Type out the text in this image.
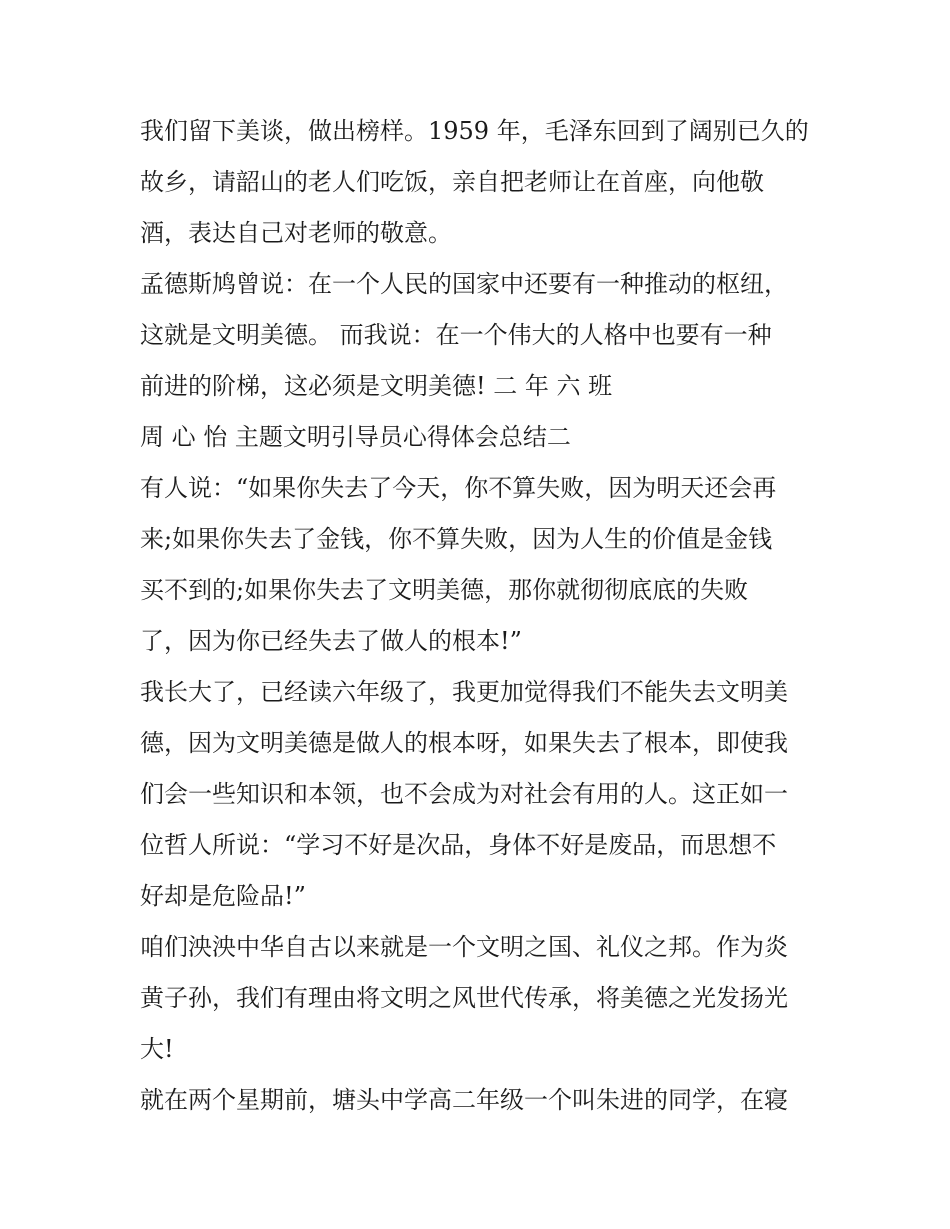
我们留下美谈，做出榜样。1959 年，毛泽东回到了阔别已久的
故乡，请韶山的老人们吃饭，亲自把老师让在首座，向他敬
酒，表达自己对老师的敬意。
孟德斯鸠曾说：在一个人民的国家中还要有一种推动的枢纽，
这就是文明美德。 而我说：在一个伟大的人格中也要有一种
前进的阶梯，这必须是文明美德! 二 年 六 班
周 心 怡 主题文明引导员心得体会总结二
有人说：“如果你失去了今天，你不算失败，因为明天还会再
来;如果你失去了金钱，你不算失败，因为人生的价值是金钱
买不到的;如果你失去了文明美德，那你就彻彻底底的失败
了，因为你已经失去了做人的根本!”
我长大了，已经读六年级了，我更加觉得我们不能失去文明美
德，因为文明美德是做人的根本呀，如果失去了根本，即使我
们会一些知识和本领，也不会成为对社会有用的人。这正如一
位哲人所说：“学习不好是次品，身体不好是废品，而思想不
好却是危险品!”
咱们泱泱中华自古以来就是一个文明之国、礼仪之邦。作为炎
黄子孙，我们有理由将文明之风世代传承，将美德之光发扬光
大!
就在两个星期前，塘头中学高二年级一个叫朱进的同学，在寝
